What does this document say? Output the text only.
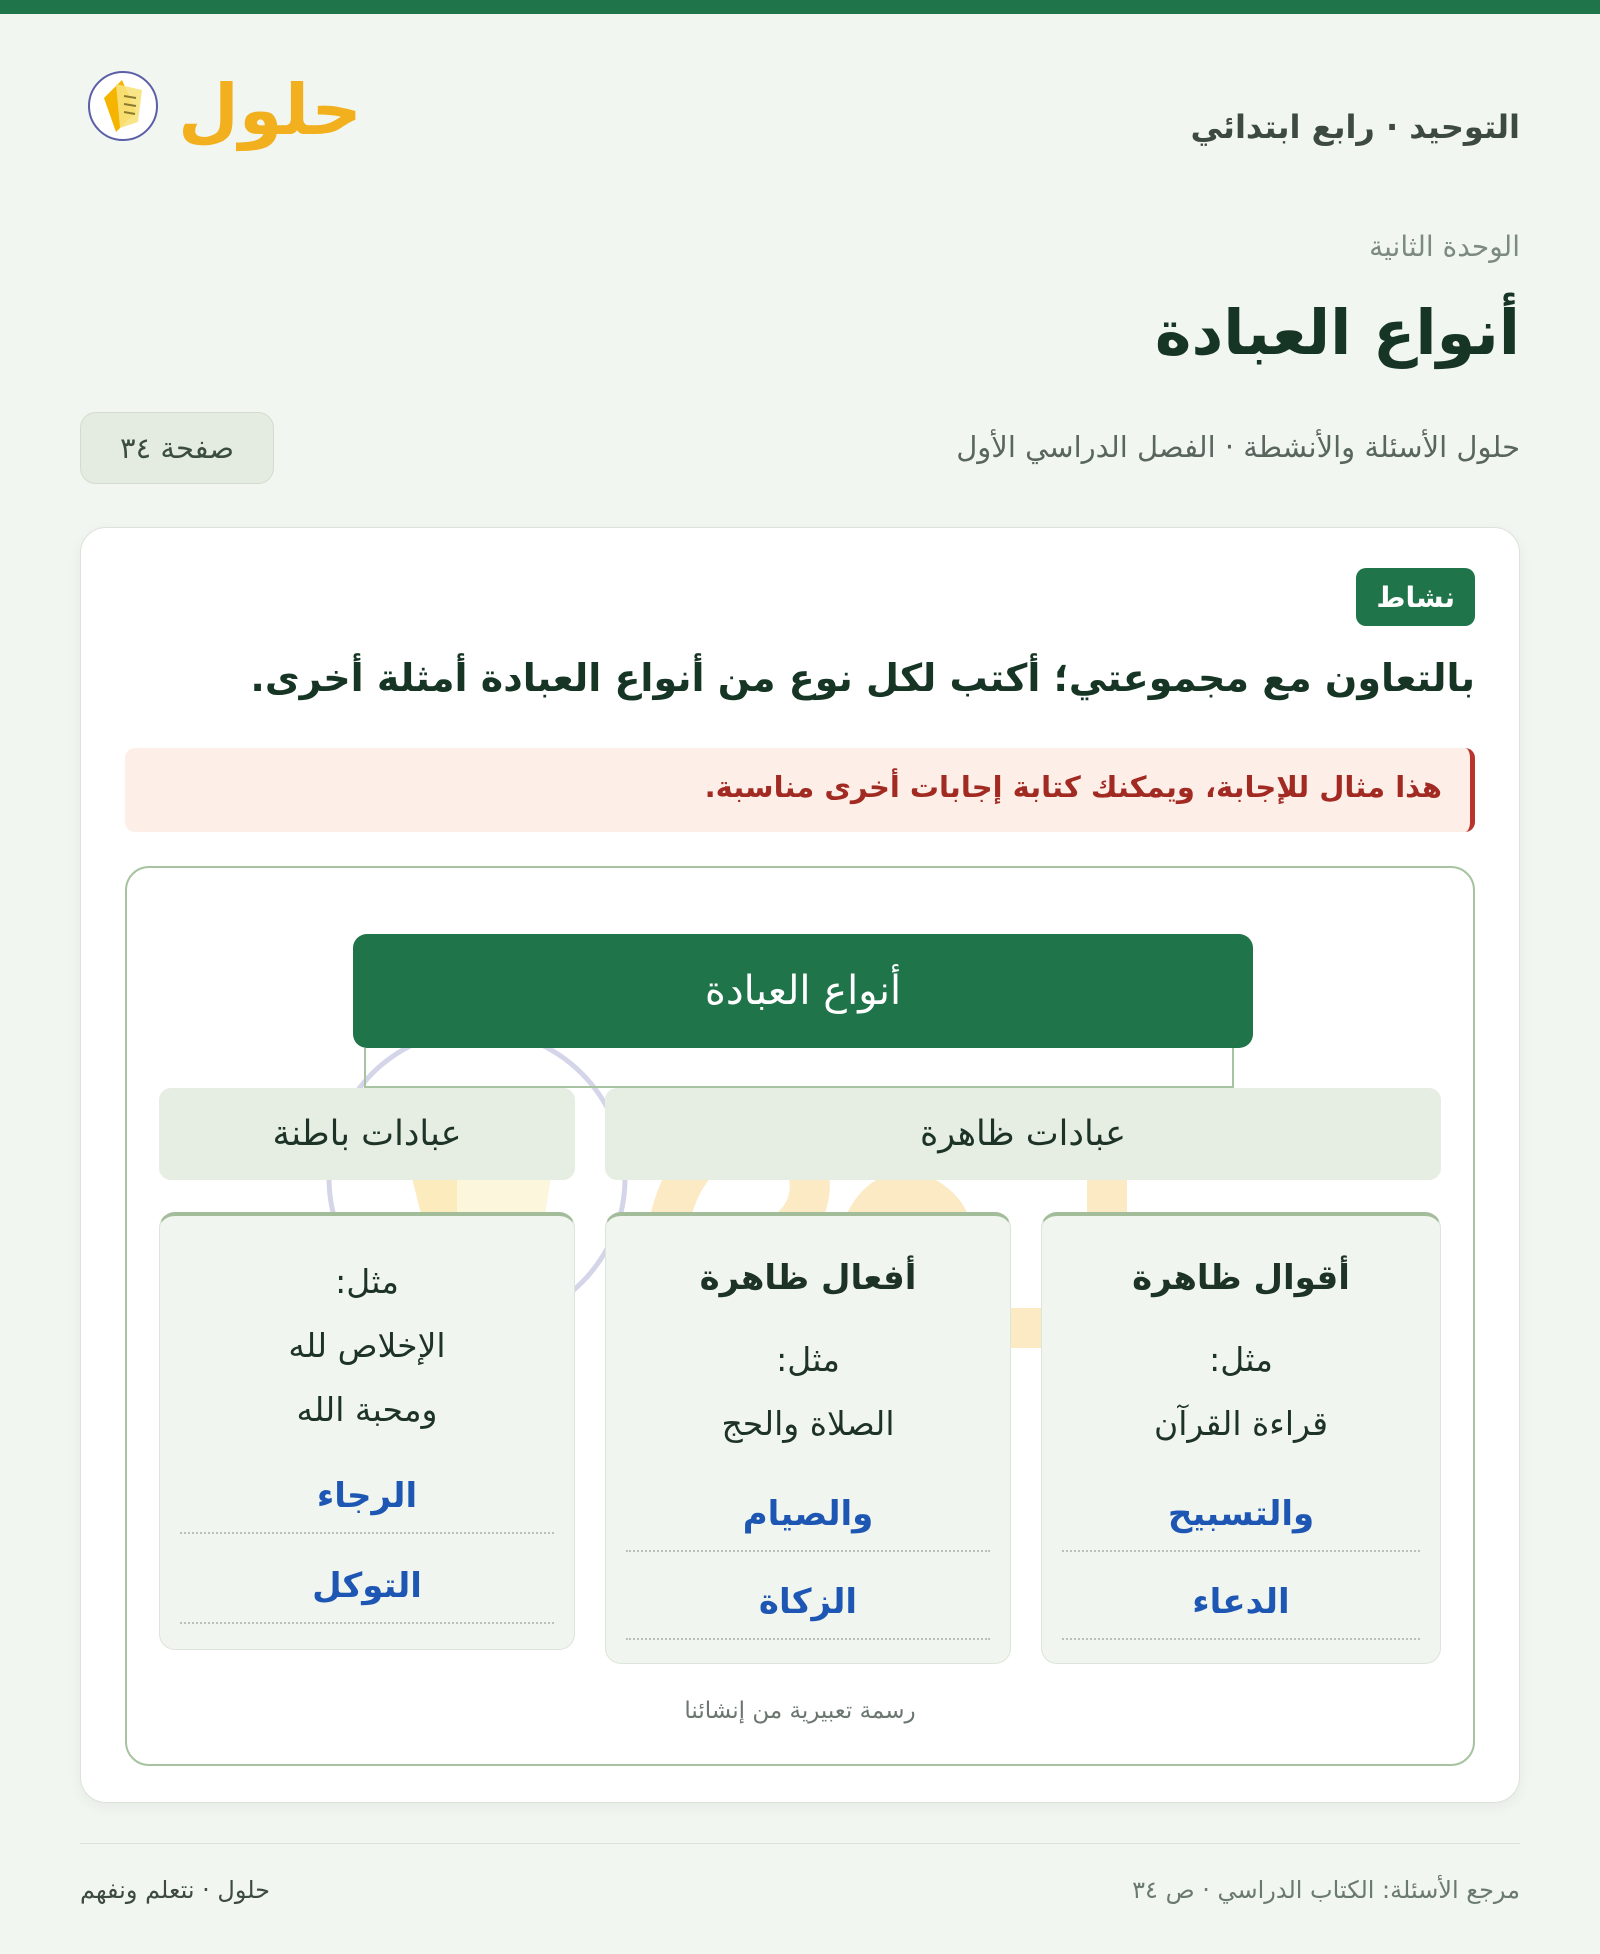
حلول	التوحيد · رابع ابتدائي
الوحدة الثانية
أنواع العبادة
حلول الأسئلة والأنشطة · الفصل الدراسي الأول
صفحة ٣٤
نشاط
بالتعاون مع مجموعتي؛ أكتب لكل نوع من أنواع العبادة أمثلة أخرى.
هذا مثال للإجابة، ويمكنك كتابة إجابات أخرى مناسبة.
أنواع العبادة
عبادات ظاهرة
عبادات باطنة
أقوال ظاهرة
مثل:
قراءة القرآن
والتسبيح
الدعاء
أفعال ظاهرة
مثل:
الصلاة والحج
والصيام
الزكاة
مثل:
الإخلاص لله
ومحبة الله
الرجاء
التوكل
رسمة تعبيرية من إنشائنا
مرجع الأسئلة: الكتاب الدراسي · ص ٣٤
حلول · نتعلم ونفهم
